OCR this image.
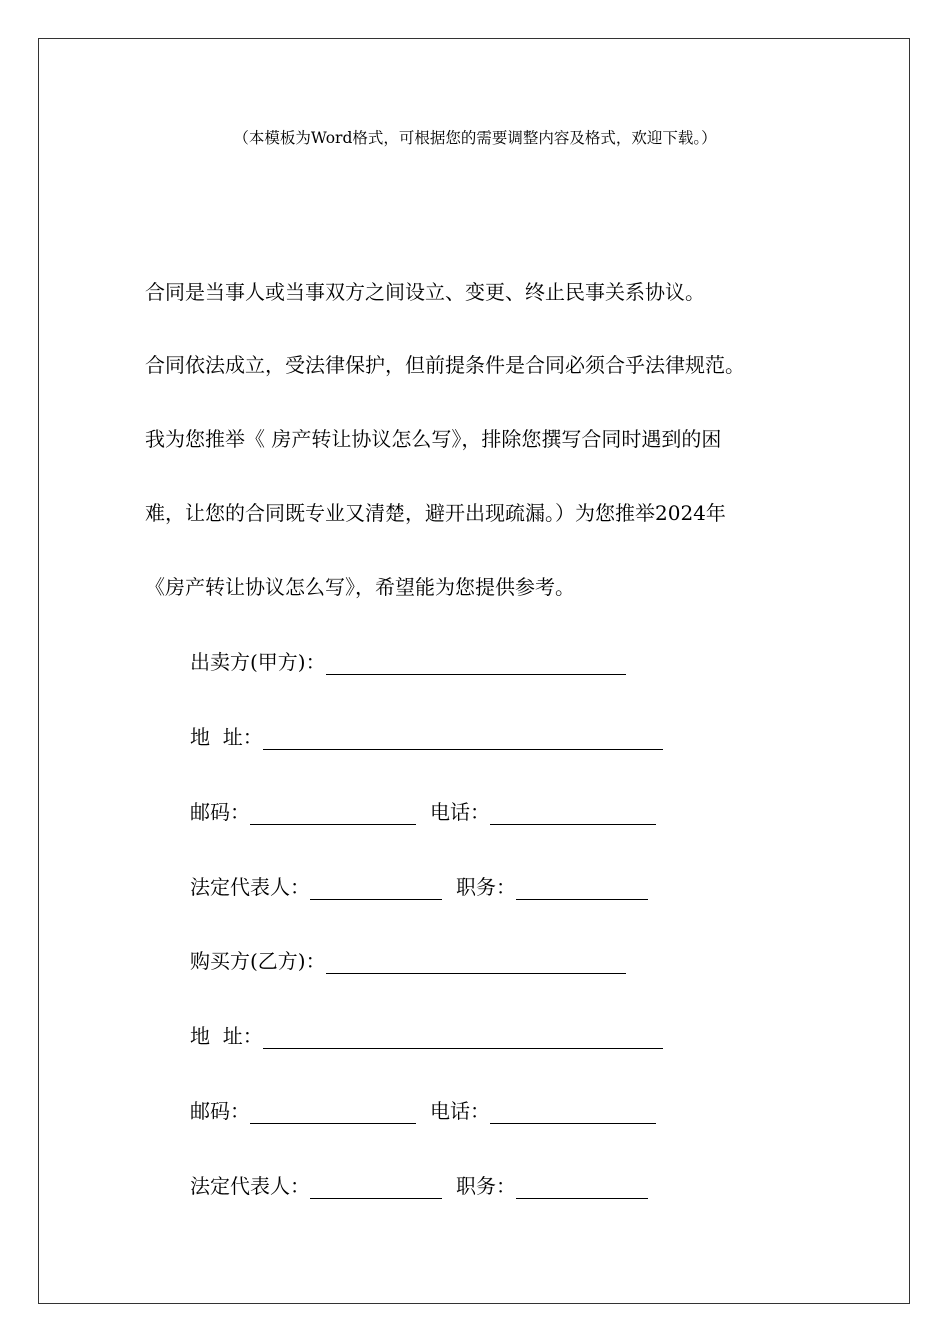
（本模板为Word格式，可根据您的需要调整内容及格式，欢迎下载。）
合同是当事人或当事双方之间设立、变更、终止民事关系协议。
合同依法成立，受法律保护，但前提条件是合同必须合乎法律规范。
我为您推举《 房产转让协议怎么写》，排除您撰写合同时遇到的困
难，让您的合同既专业又清楚，避开出现疏漏。）为您推举2024年
《房产转让协议怎么写》，希望能为您提供参考。
出卖方(甲方)：
地  址：
邮码：	电话：
法定代表人：	职务：
购买方(乙方)：
地  址：
邮码：	电话：
法定代表人：	职务：
